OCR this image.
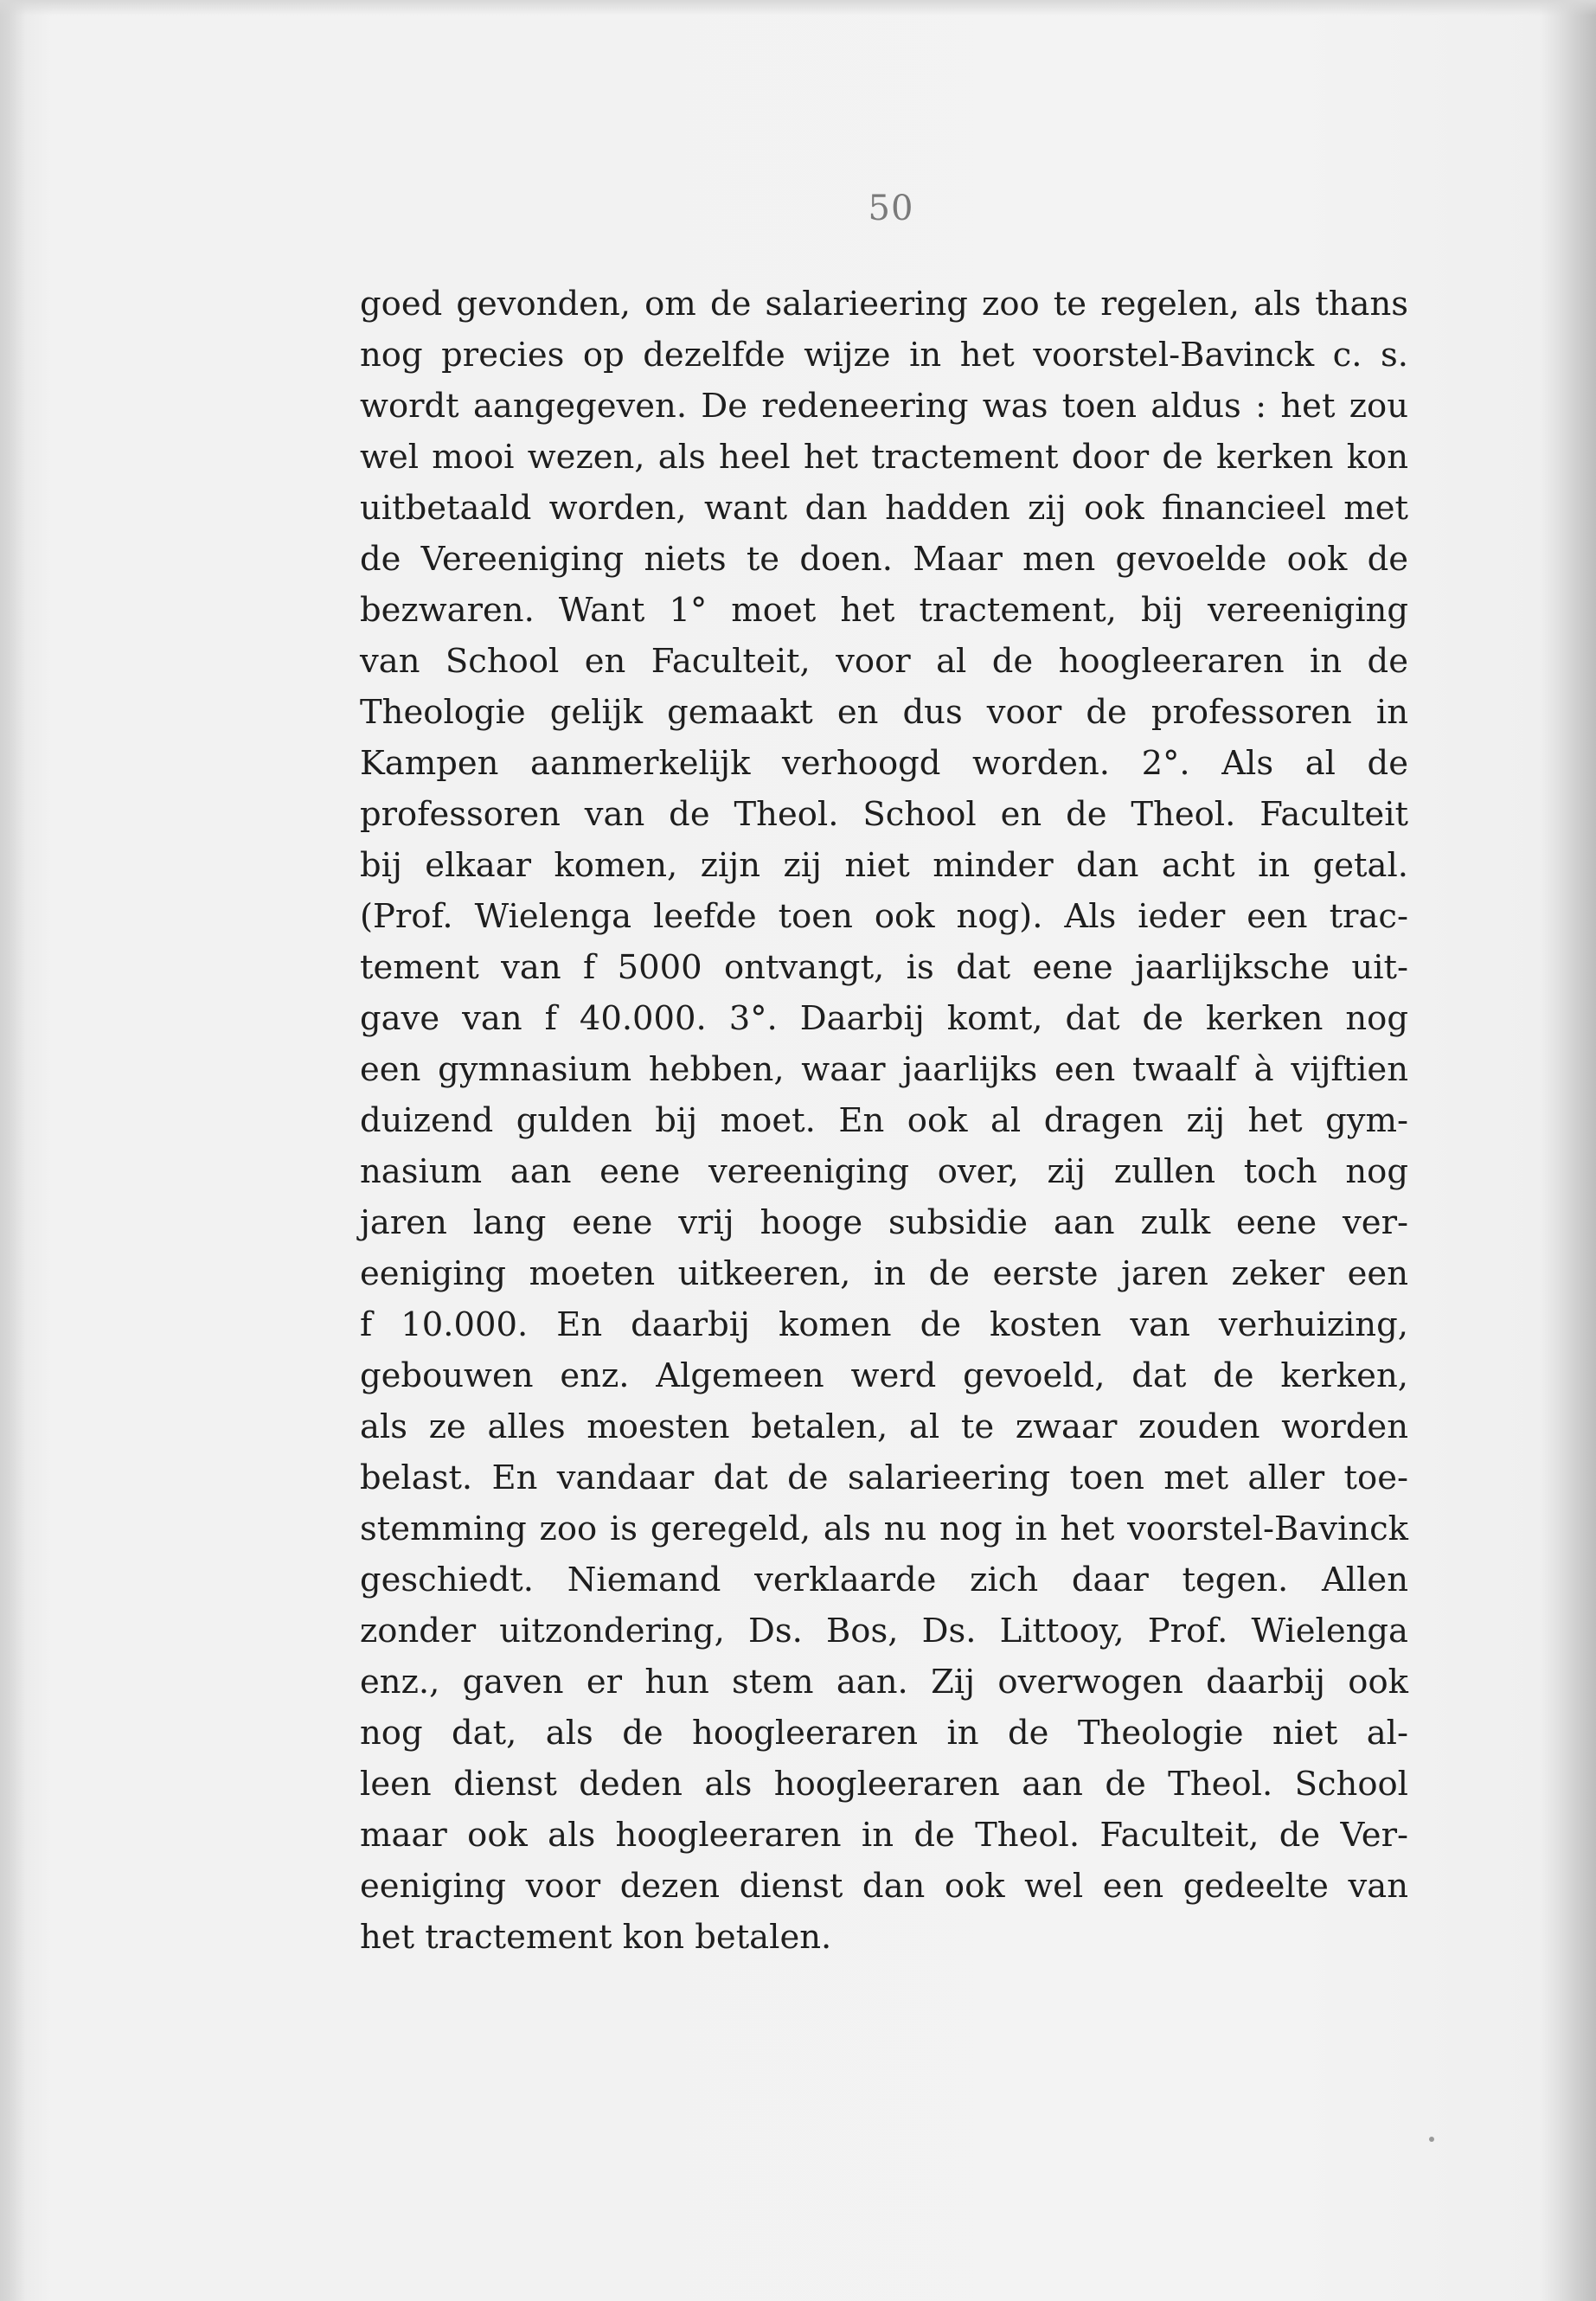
50
goed gevonden, om de salarieering zoo te regelen, als thans
nog precies op dezelfde wijze in het voorstel-Bavinck c. s.
wordt aangegeven. De redeneering was toen aldus : het zou
wel mooi wezen, als heel het tractement door de kerken kon
uitbetaald worden, want dan hadden zij ook financieel met
de Vereeniging niets te doen. Maar men gevoelde ook de
bezwaren. Want 1° moet het tractement, bij vereeniging
van School en Faculteit, voor al de hoogleeraren in de
Theologie gelijk gemaakt en dus voor de professoren in
Kampen aanmerkelijk verhoogd worden. 2°. Als al de
professoren van de Theol. School en de Theol. Faculteit
bij elkaar komen, zijn zij niet minder dan acht in getal.
(Prof. Wielenga leefde toen ook nog). Als ieder een trac-
tement van f 5000 ontvangt, is dat eene jaarlijksche uit-
gave van f 40.000. 3°. Daarbij komt, dat de kerken nog
een gymnasium hebben, waar jaarlijks een twaalf à vijftien
duizend gulden bij moet. En ook al dragen zij het gym-
nasium aan eene vereeniging over, zij zullen toch nog
jaren lang eene vrij hooge subsidie aan zulk eene ver-
eeniging moeten uitkeeren, in de eerste jaren zeker een
f 10.000. En daarbij komen de kosten van verhuizing,
gebouwen enz. Algemeen werd gevoeld, dat de kerken,
als ze alles moesten betalen, al te zwaar zouden worden
belast. En vandaar dat de salarieering toen met aller toe-
stemming zoo is geregeld, als nu nog in het voorstel-Bavinck
geschiedt. Niemand verklaarde zich daar tegen. Allen
zonder uitzondering, Ds. Bos, Ds. Littooy, Prof. Wielenga
enz., gaven er hun stem aan. Zij overwogen daarbij ook
nog dat, als de hoogleeraren in de Theologie niet al-
leen dienst deden als hoogleeraren aan de Theol. School
maar ook als hoogleeraren in de Theol. Faculteit, de Ver-
eeniging voor dezen dienst dan ook wel een gedeelte van
het tractement kon betalen.
